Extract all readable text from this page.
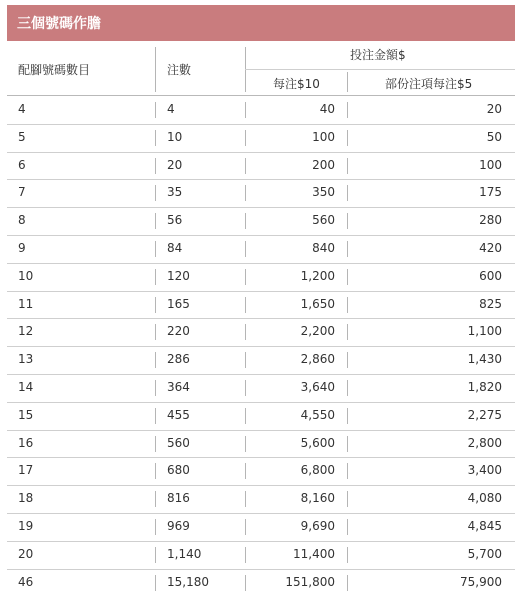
三個號碼作膽
配腳號碼數目	注數
投注金額$
每注$10	部份注項每注$5
4	4	40	20
5	10	100	50
6	20	200	100
7	35	350	175
8	56	560	280
9	84	840	420
10	120	1,200	600
11	165	1,650	825
12	220	2,200	1,100
13	286	2,860	1,430
14	364	3,640	1,820
15	455	4,550	2,275
16	560	5,600	2,800
17	680	6,800	3,400
18	816	8,160	4,080
19	969	9,690	4,845
20	1,140	11,400	5,700
46	15,180	151,800	75,900
